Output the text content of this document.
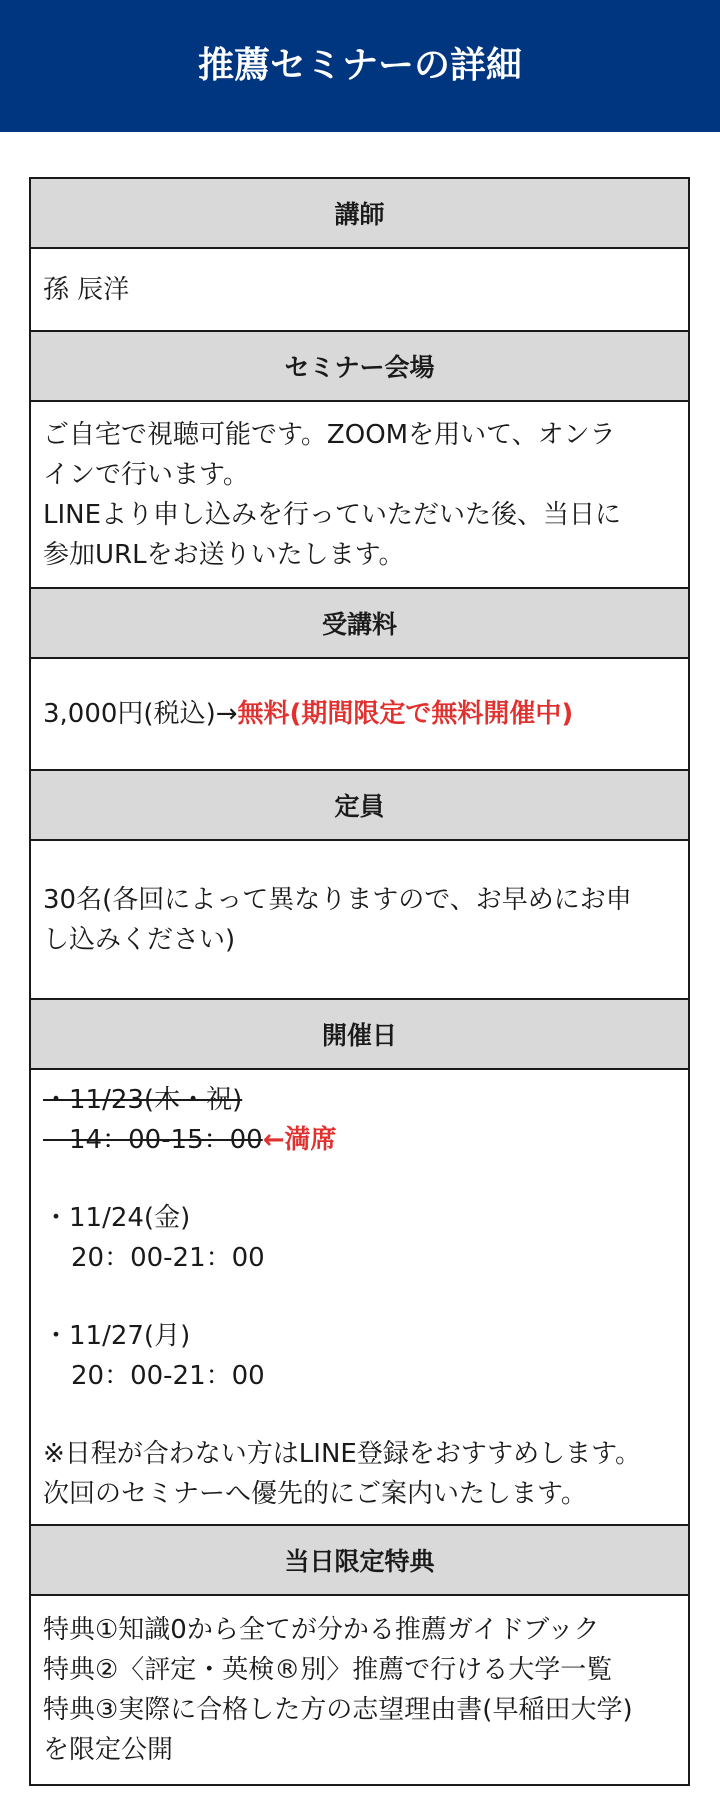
推薦セミナーの詳細
講師
孫 辰洋
セミナー会場
ご自宅で視聴可能です。ZOOMを用いて、オンラ
インで行います。
LINEより申し込みを行っていただいた後、当日に
参加URLをお送りいたします。
受講料
3,000円(税込)→無料(期間限定で無料開催中)
定員
30名(各回によって異なりますので、お早めにお申
し込みください)
開催日
・11/23(木・祝)
　14：00-15：00←満席
・11/24(金)
20：00-21：00
・11/27(月)
20：00-21：00
※日程が合わない方はLINE登録をおすすめします。
次回のセミナーへ優先的にご案内いたします。
当日限定特典
特典①知識0から全てが分かる推薦ガイドブック
特典②〈評定・英検®別〉推薦で行ける大学一覧
特典③実際に合格した方の志望理由書(早稲田大学)
を限定公開
